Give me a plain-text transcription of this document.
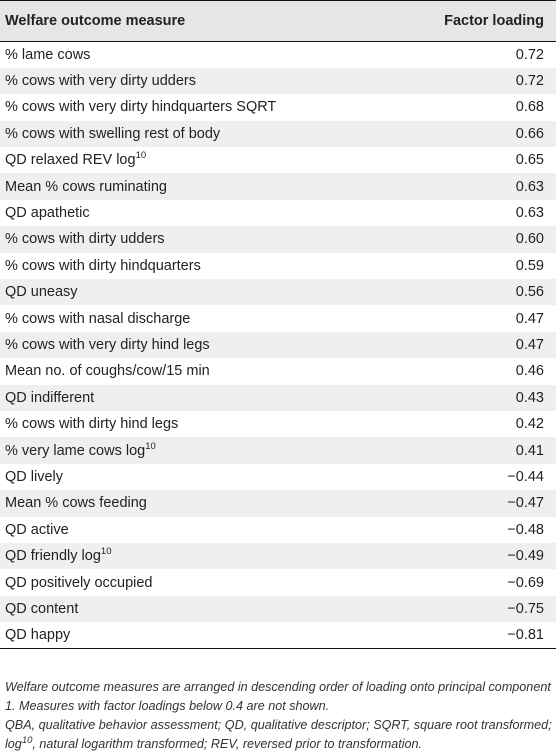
Welfare outcome measure	Factor loading
% lame cows	0.72
% cows with very dirty udders	0.72
% cows with very dirty hindquarters SQRT	0.68
% cows with swelling rest of body	0.66
QD relaxed REV $\log^{10}$	0.65
Mean % cows ruminating	0.63
QD apathetic	0.63
% cows with dirty udders	0.60
% cows with dirty hindquarters	0.59
QD uneasy	0.56
% cows with nasal discharge	0.47
% cows with very dirty hind legs	0.47
Mean no. of coughs/cow/15 min	0.46
QD indifferent	0.43
% cows with dirty hind legs	0.42
% very lame cows $\log^{10}$	0.41
QD lively	−0.44
Mean % cows feeding	−0.47
QD active	−0.48
QD friendly $\log^{10}$	−0.49
QD positively occupied	−0.69
QD content	−0.75
QD happy	−0.81

Welfare outcome measures are arranged in descending order of loading onto principal component 1. Measures with factor loadings below 0.4 are not shown.

QBA, qualitative behavior assessment; QD, qualitative descriptor; SQRT, square root transformed; $\log^{10}$, natural logarithm transformed; REV, reversed prior to transformation.
